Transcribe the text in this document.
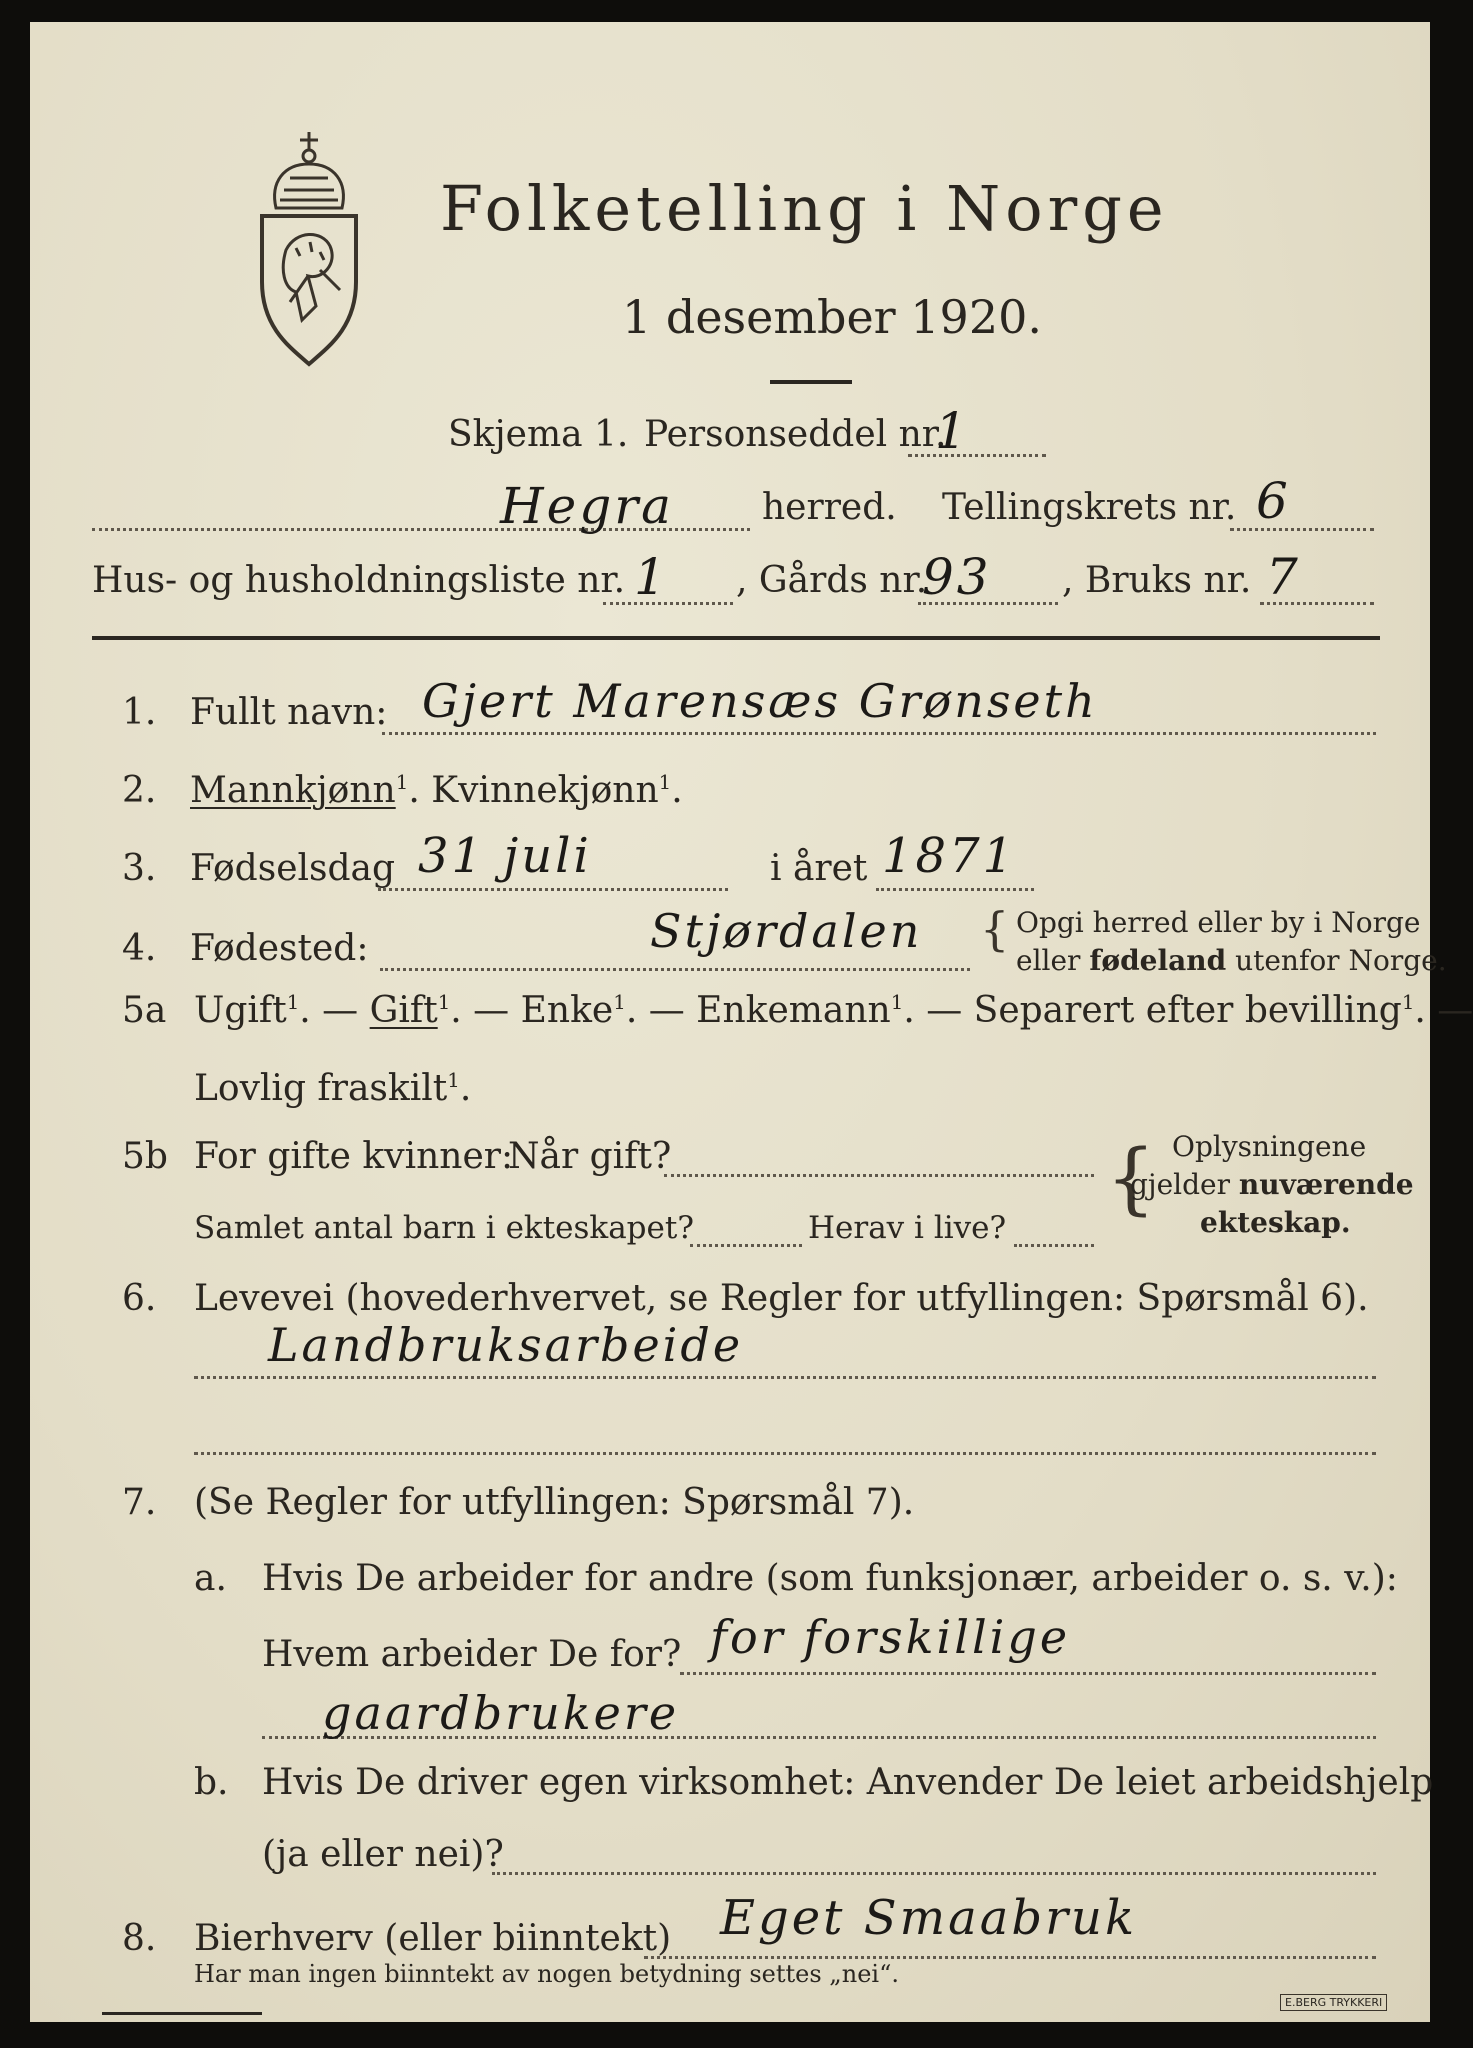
Folketelling i Norge
1 desember 1920.
Skjema 1. Personseddel nr.
1
Hegra herred. Tellingskrets nr. 6
Hus- og husholdningsliste nr. 1 , Gårds nr.
93 , Bruks nr. 7
1. Fullt navn: Gjert Marensæs Grønseth
2. Mannkjønn$^1$. Kvinnekjønn$^1$.
3. Fødselsdag 31 juli	i året 1871
4. Fødested:	Stjørdalen { Opgi herred eller by i Norge
eller fødeland utenfor Norge.
5a Ugift$^1$. — Gift$^1$. — Enke$^1$. — Enkemann$^1$. — Separert efter bevilling$^1$. —
Lovlig fraskilt$^1$.
5b For gifte kvinner:
Når gift?
Samlet antal barn i ekteskapet?	Herav i live?
{ Oplysningene
gjelder nuværende
ekteskap.
6. Levevei (hovederhvervet, se Regler for utfyllingen: Spørsmål 6).
Landbruksarbeide
7. (Se Regler for utfyllingen: Spørsmål 7).
a. Hvis De arbeider for andre (som funksjonær, arbeider o. s. v.):
Hvem arbeider De for? for forskillige
gaardbrukere
b. Hvis De driver egen virksomhet: Anvender De leiet arbeidshjelp
(ja eller nei)?
8. Bierhverv (eller biinntekt) Eget Smaabruk
Har man ingen biinntekt av nogen betydning settes „nei“.
E.BERG TRYKKERI
